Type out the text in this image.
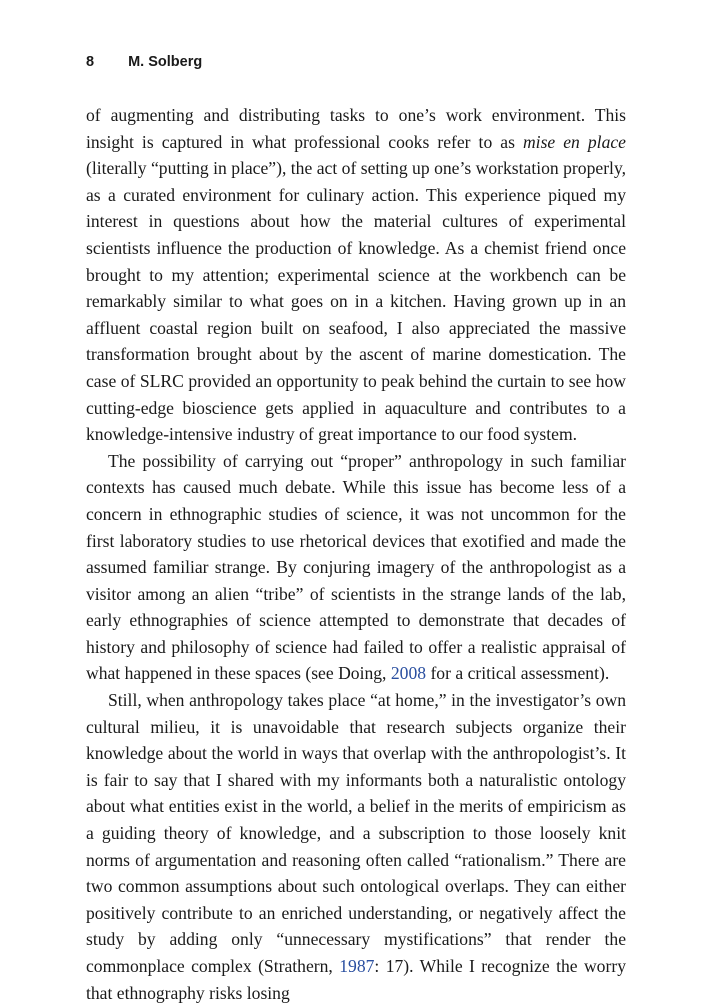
8 M. Solberg

of augmenting and distributing tasks to one’s work environment. This insight is captured in what professional cooks refer to as mise en place (literally “putting in place”), the act of setting up one’s workstation properly, as a curated environment for culinary action. This experience piqued my interest in questions about how the material cultures of experimental scientists influence the production of knowledge. As a chemist friend once brought to my attention; experimental science at the workbench can be remarkably similar to what goes on in a kitchen. Having grown up in an affluent coastal region built on seafood, I also appreciated the massive transformation brought about by the ascent of marine domestication. The case of SLRC provided an opportunity to peak behind the curtain to see how cutting-edge bioscience gets applied in aquaculture and contributes to a knowledge-intensive industry of great importance to our food system.

The possibility of carrying out “proper” anthropology in such familiar contexts has caused much debate. While this issue has become less of a concern in ethnographic studies of science, it was not uncommon for the first laboratory studies to use rhetorical devices that exotified and made the assumed familiar strange. By conjuring imagery of the anthropologist as a visitor among an alien “tribe” of scientists in the strange lands of the lab, early ethnographies of science attempted to demonstrate that decades of history and philosophy of science had failed to offer a realistic appraisal of what happened in these spaces (see Doing, 2008 for a critical assessment).

Still, when anthropology takes place “at home,” in the investigator’s own cultural milieu, it is unavoidable that research subjects organize their knowledge about the world in ways that overlap with the anthropologist’s. It is fair to say that I shared with my informants both a naturalistic ontology about what entities exist in the world, a belief in the merits of empiricism as a guiding theory of knowledge, and a subscription to those loosely knit norms of argumentation and reasoning often called “rationalism.” There are two common assumptions about such ontological overlaps. They can either positively contribute to an enriched understanding, or negatively affect the study by adding only “unnecessary mystifications” that render the commonplace complex (Strathern, 1987: 17). While I recognize the worry that ethnography risks losing
